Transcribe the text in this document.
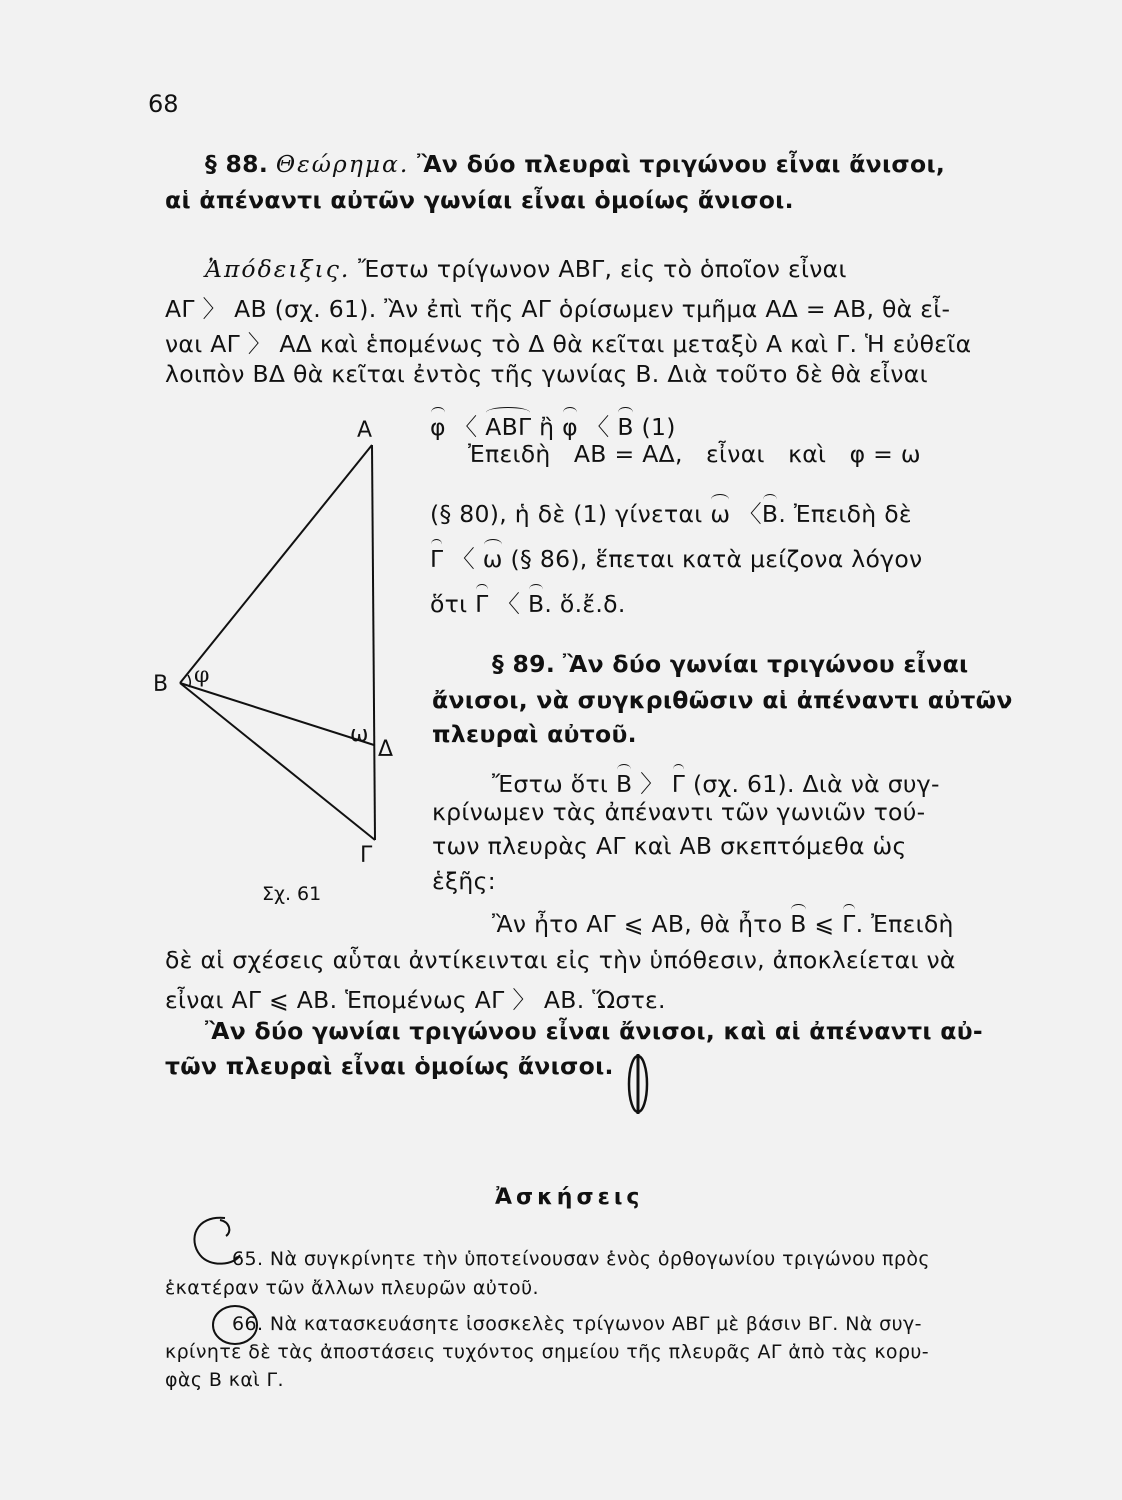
68
§ 88. Θεώρημα. Ἂν δύο πλευραὶ τριγώνου εἶναι ἄνισοι,
αἱ ἀπέναντι αὐτῶν γωνίαι εἶναι ὁμοίως ἄνισοι.
Ἀπόδειξις. Ἔστω τρίγωνον ΑΒΓ, εἰς τὸ ὁποῖον εἶναι
ΑΓ 〉 ΑΒ (σχ. 61). Ἂν ἐπὶ τῆς ΑΓ ὁρίσωμεν τμῆμα ΑΔ = ΑΒ, θὰ εἶ-
ναι ΑΓ 〉 ΑΔ καὶ ἑπομένως τὸ Δ θὰ κεῖται μεταξὺ Α καὶ Γ. Ἡ εὐθεῖα
λοιπὸν ΒΔ θὰ κεῖται ἐντὸς τῆς γωνίας Β. Διὰ τοῦτο δὲ θὰ εἶναι
φ 〈 ΑΒΓ ἢ φ 〈 Β (1)
Ἐπειδὴ   ΑΒ = ΑΔ,   εἶναι   καὶ   φ = ω
(§ 80), ἡ δὲ (1) γίνεται ω 〈Β. Ἐπειδὴ δὲ
Γ 〈 ω (§ 86), ἕπεται κατὰ μείζονα λόγον
ὅτι Γ 〈 Β. ὅ.ἔ.δ.
§ 89. Ἂν δύο γωνίαι τριγώνου εἶναι
ἄνισοι, νὰ συγκριθῶσιν αἱ ἀπέναντι αὐτῶν
πλευραὶ αὐτοῦ.
Ἔστω ὅτι Β 〉 Γ (σχ. 61). Διὰ νὰ συγ-
κρίνωμεν τὰς ἀπέναντι τῶν γωνιῶν τού-
των πλευρὰς ΑΓ καὶ ΑΒ σκεπτόμεθα ὡς
ἑξῆς:
Ἂν ἦτο ΑΓ ⩽ ΑΒ, θὰ ἦτο Β ⩽ Γ. Ἐπειδὴ
δὲ αἱ σχέσεις αὗται ἀντίκεινται εἰς τὴν ὑπόθεσιν, ἀποκλείεται νὰ
εἶναι ΑΓ ⩽ ΑΒ. Ἑπομένως ΑΓ 〉 ΑΒ. Ὥστε.
Ἂν δύο γωνίαι τριγώνου εἶναι ἄνισοι, καὶ αἱ ἀπέναντι αὐ-
τῶν πλευραὶ εἶναι ὁμοίως ἄνισοι.
Α
Β φ
ω
Δ
Γ
Σχ. 61
Ἀσκήσεις
65. Νὰ συγκρίνητε τὴν ὑποτείνουσαν ἑνὸς ὀρθογωνίου τριγώνου πρὸς
ἑκατέραν τῶν ἄλλων πλευρῶν αὐτοῦ.
66. Νὰ κατασκευάσητε ἰσοσκελὲς τρίγωνον ΑΒΓ μὲ βάσιν ΒΓ. Νὰ συγ-
κρίνητε δὲ τὰς ἀποστάσεις τυχόντος σημείου τῆς πλευρᾶς ΑΓ ἀπὸ τὰς κορυ-
φὰς Β καὶ Γ.
